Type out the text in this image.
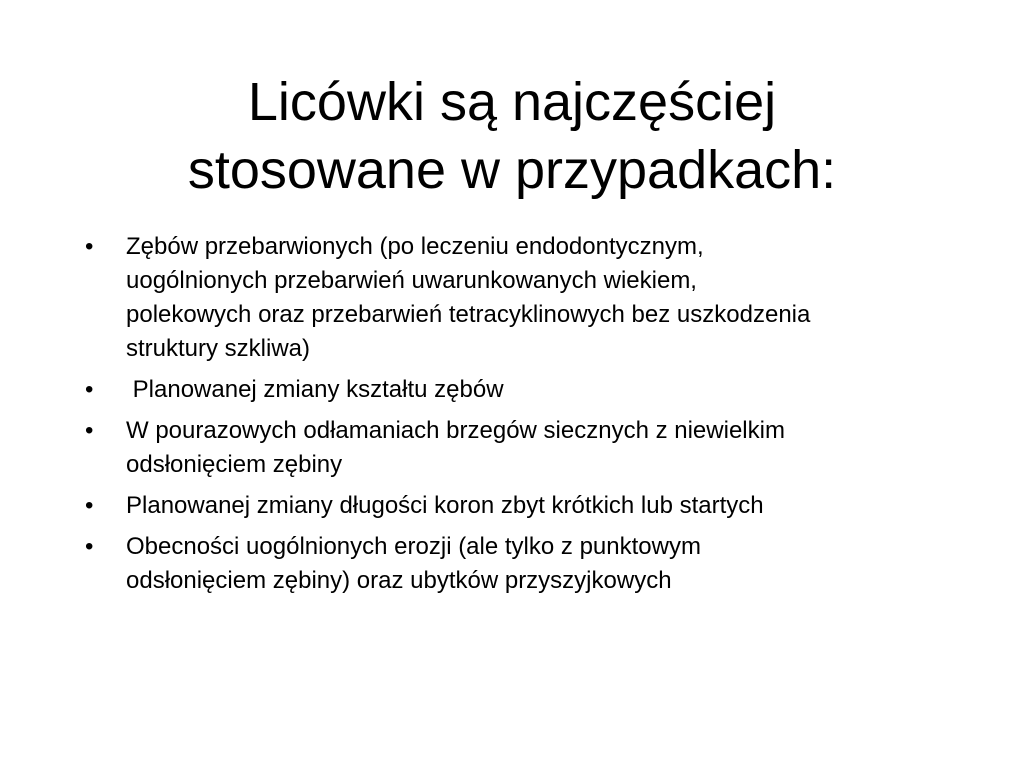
Licówki są najczęściej
stosowane w przypadkach:
•	Zębów przebarwionych (po leczeniu endodontycznym,
uogólnionych przebarwień uwarunkowanych wiekiem,
polekowych oraz przebarwień tetracyklinowych bez uszkodzenia
struktury szkliwa)
•	Planowanej zmiany kształtu zębów
•	W pourazowych odłamaniach brzegów siecznych z niewielkim
odsłonięciem zębiny
•	Planowanej zmiany długości koron zbyt krótkich lub startych
•	Obecności uogólnionych erozji (ale tylko z punktowym
odsłonięciem zębiny) oraz ubytków przyszyjkowych
